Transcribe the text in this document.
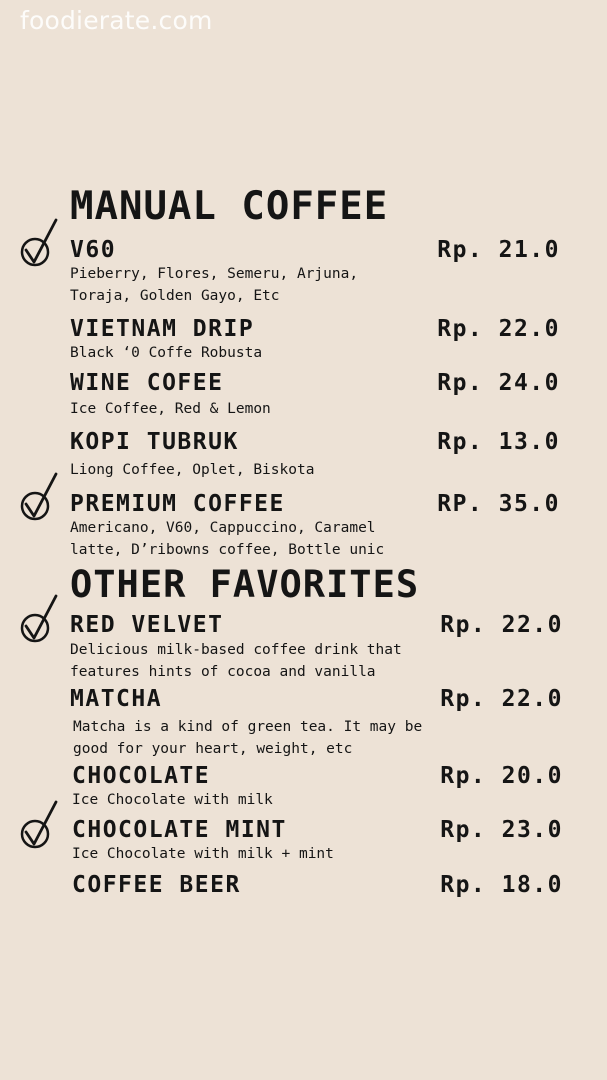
foodierate.com
MANUAL COFFEE
V60	Rp. 21.0
Pieberry, Flores, Semeru, Arjuna,
Toraja, Golden Gayo, Etc
VIETNAM DRIP	Rp. 22.0
Black ‘0 Coffe Robusta
WINE COFEE	Rp. 24.0
Ice Coffee, Red & Lemon
KOPI TUBRUK	Rp. 13.0
Liong Coffee, Oplet, Biskota
PREMIUM COFFEE	RP. 35.0
Americano, V60, Cappuccino, Caramel
latte, D’ribowns coffee, Bottle unic
OTHER FAVORITES
RED VELVET	Rp. 22.0
Delicious milk-based coffee drink that
features hints of cocoa and vanilla
MATCHA	Rp. 22.0
Matcha is a kind of green tea. It may be
good for your heart, weight, etc
CHOCOLATE	Rp. 20.0
Ice Chocolate with milk
CHOCOLATE MINT	Rp. 23.0
Ice Chocolate with milk + mint
COFFEE BEER	Rp. 18.0
